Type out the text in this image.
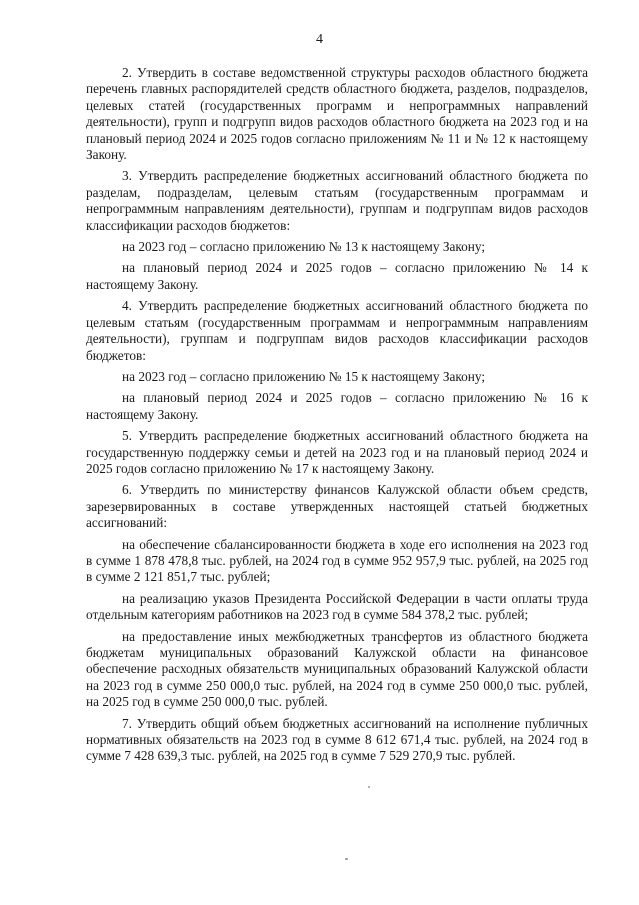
4

2. Утвердить в составе ведомственной структуры расходов областного бюджета перечень главных распорядителей средств областного бюджета, разделов, подразделов, целевых статей (государственных программ и непрограммных направлений деятельности), групп и подгрупп видов расходов областного бюджета на 2023 год и на плановый период 2024 и 2025 годов согласно приложениям № 11 и № 12 к настоящему Закону.

3. Утвердить распределение бюджетных ассигнований областного бюджета по разделам, подразделам, целевым статьям (государственным программам и непрограммным направлениям деятельности), группам и подгруппам видов расходов классификации расходов бюджетов:

на 2023 год – согласно приложению № 13 к настоящему Закону;

на плановый период 2024 и 2025 годов – согласно приложению № 14 к настоящему Закону.

4. Утвердить распределение бюджетных ассигнований областного бюджета по целевым статьям (государственным программам и непрограммным направлениям деятельности), группам и подгруппам видов расходов классификации расходов бюджетов:

на 2023 год – согласно приложению № 15 к настоящему Закону;

на плановый период 2024 и 2025 годов – согласно приложению № 16 к настоящему Закону.

5. Утвердить распределение бюджетных ассигнований областного бюджета на государственную поддержку семьи и детей на 2023 год и на плановый период 2024 и 2025 годов согласно приложению № 17 к настоящему Закону.

6. Утвердить по министерству финансов Калужской области объем средств, зарезервированных в составе утвержденных настоящей статьей бюджетных ассигнований:

на обеспечение сбалансированности бюджета в ходе его исполнения на 2023 год в сумме 1 878 478,8 тыс. рублей, на 2024 год в сумме 952 957,9 тыс. рублей, на 2025 год в сумме 2 121 851,7 тыс. рублей;

на реализацию указов Президента Российской Федерации в части оплаты труда отдельным категориям работников на 2023 год в сумме 584 378,2 тыс. рублей;

на предоставление иных межбюджетных трансфертов из областного бюджета бюджетам муниципальных образований Калужской области на финансовое обеспечение расходных обязательств муниципальных образований Калужской области на 2023 год в сумме 250 000,0 тыс. рублей, на 2024 год в сумме 250 000,0 тыс. рублей, на 2025 год в сумме 250 000,0 тыс. рублей.

7. Утвердить общий объем бюджетных ассигнований на исполнение публичных нормативных обязательств на 2023 год в сумме 8 612 671,4 тыс. рублей, на 2024 год в сумме 7 428 639,3 тыс. рублей, на 2025 год в сумме 7 529 270,9 тыс. рублей.
